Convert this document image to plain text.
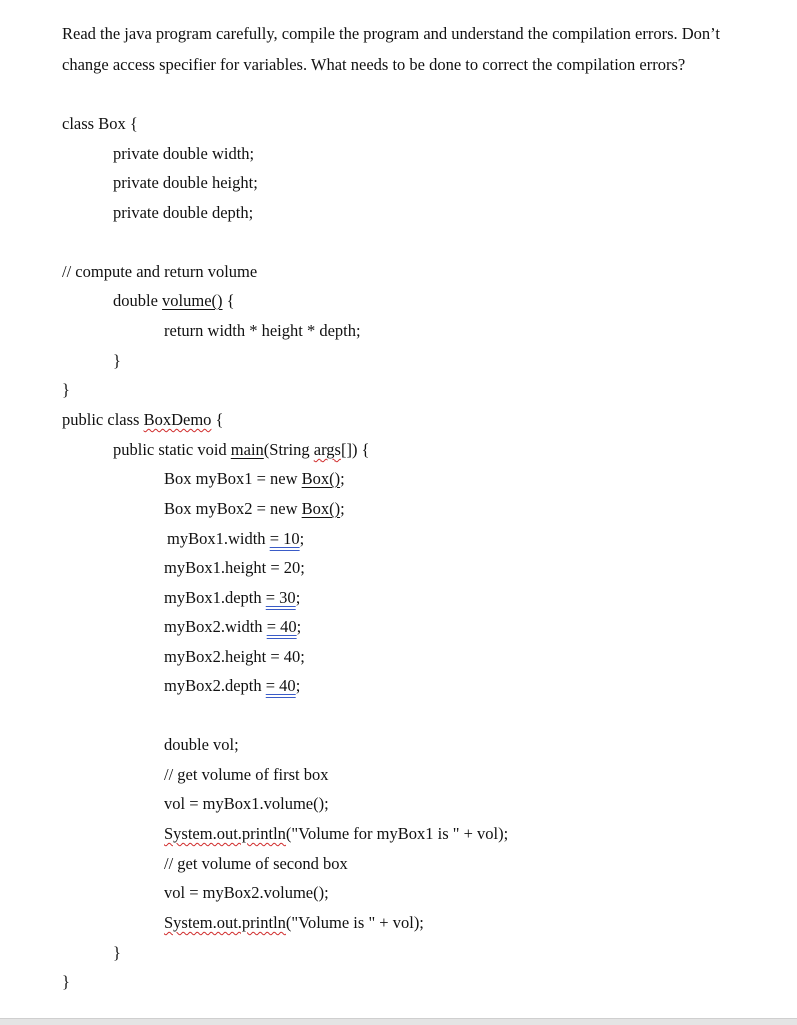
Read the java program carefully, compile the program and understand the compilation errors. Don’t
change access specifier for variables. What needs to be done to correct the compilation errors?
class Box {
private double width;
private double height;
private double depth;
// compute and return volume
double volume() {
return width * height * depth;
}
}
public class BoxDemo {
public static void main(String args[]) {
Box myBox1 = new Box();
Box myBox2 = new Box();
myBox1.width = 10;
myBox1.height = 20;
myBox1.depth = 30;
myBox2.width = 40;
myBox2.height = 40;
myBox2.depth = 40;
double vol;
// get volume of first box
vol = myBox1.volume();
System.out.println("Volume for myBox1 is " + vol);
// get volume of second box
vol = myBox2.volume();
System.out.println("Volume is " + vol);
}
}
